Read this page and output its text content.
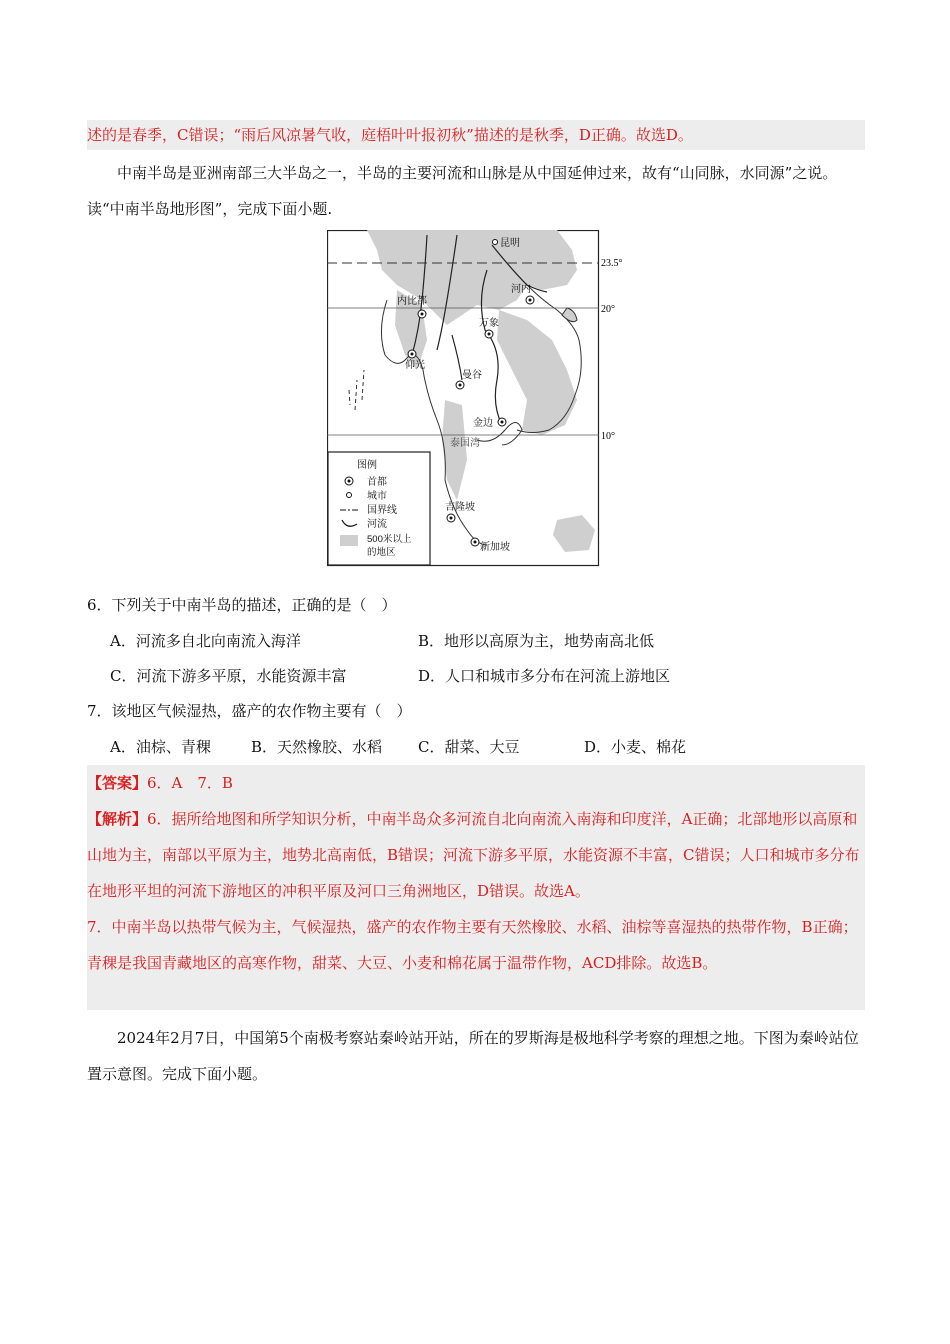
述的是春季，C错误；“雨后风凉暑气收，庭梧叶叶报初秋”描述的是秋季，D正确。故选D。
中南半岛是亚洲南部三大半岛之一，半岛的主要河流和山脉是从中国延伸过来，故有“山同脉，水同源”之说。读“中南半岛地形图”，完成下面小题.
23.5°
20°
10°
昆明
河内
内比都
万象
仰光
曼谷
金边
泰国湾
吉隆坡
新加坡
图例
首都
城市
国界线
河流
500米以上
的地区
6．下列关于中南半岛的描述，正确的是（　）
A．河流多自北向南流入海洋	B．地形以高原为主，地势南高北低
C．河流下游多平原，水能资源丰富	D．人口和城市多分布在河流上游地区
7．该地区气候湿热，盛产的农作物主要有（　）
A．油棕、青稞	B．天然橡胶、水稻 C．甜菜、大豆	D．小麦、棉花
【答案】6．A　7．B
【解析】6．据所给地图和所学知识分析，中南半岛众多河流自北向南流入南海和印度洋，A正确；北部地形以高原和山地为主，南部以平原为主，地势北高南低，B错误；河流下游多平原，水能资源不丰富，C错误；人口和城市多分布在地形平坦的河流下游地区的冲积平原及河口三角洲地区，D错误。故选A。
7．中南半岛以热带气候为主，气候湿热，盛产的农作物主要有天然橡胶、水稻、油棕等喜湿热的热带作物，B正确；青稞是我国青藏地区的高寒作物，甜菜、大豆、小麦和棉花属于温带作物，ACD排除。故选B。
2024年2月7日，中国第5个南极考察站秦岭站开站，所在的罗斯海是极地科学考察的理想之地。下图为秦岭站位置示意图。完成下面小题。
